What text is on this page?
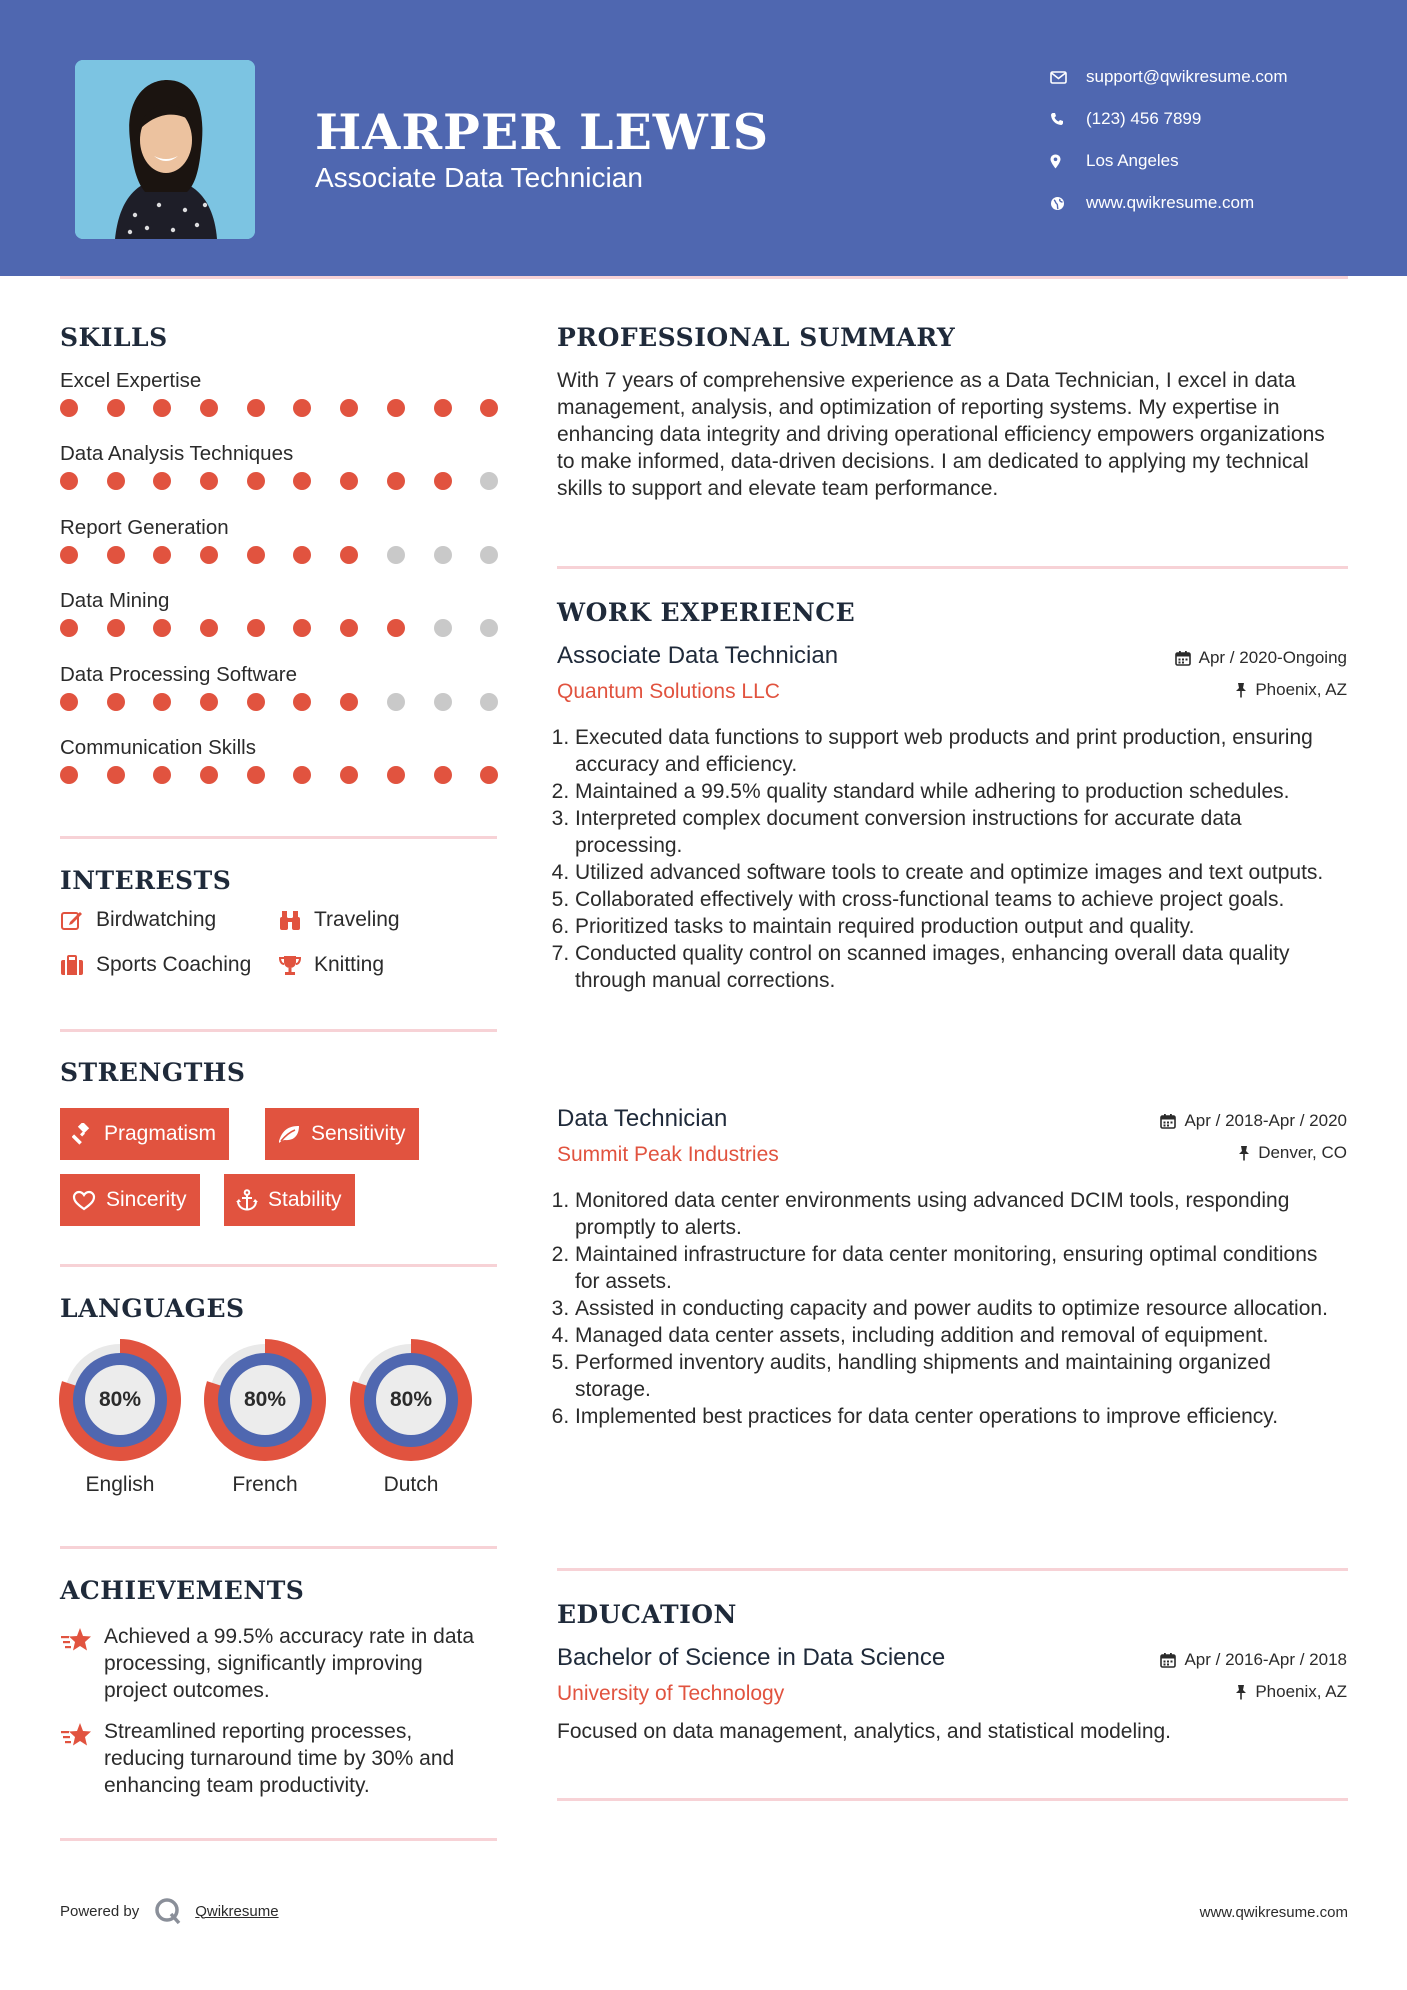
HARPER LEWIS
Associate Data Technician
support@qwikresume.com
(123) 456 7899
Los Angeles
www.qwikresume.com
SKILLS
Excel Expertise
Data Analysis Techniques
Report Generation
Data Mining
Data Processing Software
Communication Skills
INTERESTS
Birdwatching	Traveling
Sports Coaching	Knitting
STRENGTHS
Pragmatism	Sensitivity
Sincerity	Stability
LANGUAGES
80%
English
80%
French
80%
Dutch
ACHIEVEMENTS
Achieved a 99.5% accuracy rate in data processing, significantly improving project outcomes.
Streamlined reporting processes, reducing turnaround time by 30% and enhancing team productivity.
PROFESSIONAL SUMMARY
With 7 years of comprehensive experience as a Data Technician, I excel in data management, analysis, and optimization of reporting systems. My expertise in enhancing data integrity and driving operational efficiency empowers organizations to make informed, data-driven decisions. I am dedicated to applying my technical skills to support and elevate team performance.
WORK EXPERIENCE
Associate Data Technician
Quantum Solutions LLC
Apr / 2020-Ongoing
Phoenix, AZ
1. Executed data functions to support web products and print production, ensuring accuracy and efficiency.
2. Maintained a 99.5% quality standard while adhering to production schedules.
3. Interpreted complex document conversion instructions for accurate data processing.
4. Utilized advanced software tools to create and optimize images and text outputs.
5. Collaborated effectively with cross-functional teams to achieve project goals.
6. Prioritized tasks to maintain required production output and quality.
7. Conducted quality control on scanned images, enhancing overall data quality through manual corrections.
Data Technician
Summit Peak Industries
Apr / 2018-Apr / 2020
Denver, CO
1. Monitored data center environments using advanced DCIM tools, responding promptly to alerts.
2. Maintained infrastructure for data center monitoring, ensuring optimal conditions for assets.
3. Assisted in conducting capacity and power audits to optimize resource allocation.
4. Managed data center assets, including addition and removal of equipment.
5. Performed inventory audits, handling shipments and maintaining organized storage.
6. Implemented best practices for data center operations to improve efficiency.
EDUCATION
Bachelor of Science in Data Science
University of Technology
Apr / 2016-Apr / 2018
Phoenix, AZ
Focused on data management, analytics, and statistical modeling.
Powered by	Qwikresume	www.qwikresume.com
